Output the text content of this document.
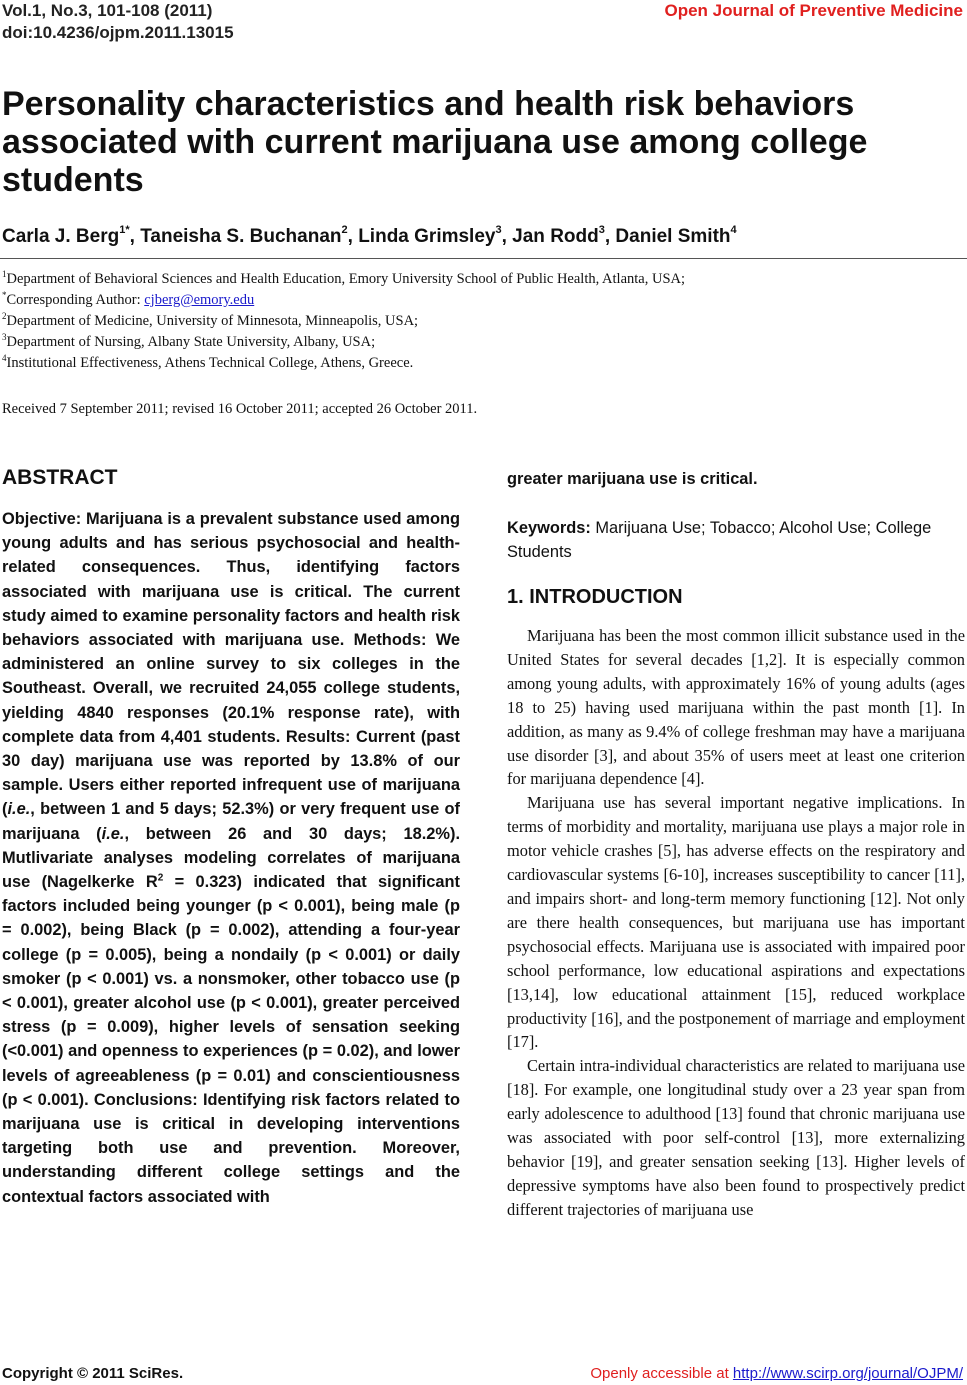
Vol.1, No.3, 101-108 (2011)
doi:10.4236/ojpm.2011.13015
Open Journal of Preventive Medicine
Personality characteristics and health risk behaviors associated with current marijuana use among college students
Carla J. Berg$^{1*}$, Taneisha S. Buchanan$^2$, Linda Grimsley$^3$, Jan Rodd$^3$, Daniel Smith$^4$
$^1$Department of Behavioral Sciences and Health Education, Emory University School of Public Health, Atlanta, USA;
*Corresponding Author: cjberg@emory.edu
$^2$Department of Medicine, University of Minnesota, Minneapolis, USA;
$^3$Department of Nursing, Albany State University, Albany, USA;
$^4$Institutional Effectiveness, Athens Technical College, Athens, Greece.
Received 7 September 2011; revised 16 October 2011; accepted 26 October 2011.
ABSTRACT

Objective: Marijuana is a prevalent substance used among young adults and has serious psychosocial and health-related consequences. Thus, identifying factors associated with marijuana use is critical. The current study aimed to examine personality factors and health risk behaviors associated with marijuana use. Methods: We administered an online survey to six colleges in the Southeast. Overall, we recruited 24,055 college students, yielding 4840 responses (20.1% response rate), with complete data from 4,401 students. Results: Current (past 30 day) marijuana use was reported by 13.8% of our sample. Users either reported infrequent use of marijuana (i.e., between 1 and 5 days; 52.3%) or very frequent use of marijuana (i.e., between 26 and 30 days; 18.2%). Mutlivariate analyses modeling correlates of marijuana use (Nagelkerke $R^2 = 0.323$) indicated that significant factors included being younger (p < 0.001), being male (p = 0.002), being Black (p = 0.002), attending a four-year college (p = 0.005), being a nondaily (p < 0.001) or daily smoker (p < 0.001) vs. a nonsmoker, other tobacco use (p < 0.001), greater alcohol use (p < 0.001), greater perceived stress (p = 0.009), higher levels of sensation seeking (<0.001) and openness to experiences (p = 0.02), and lower levels of agreeableness (p = 0.01) and conscientiousness (p < 0.001). Conclusions: Identifying risk factors related to marijuana use is critical in developing interventions targeting both use and prevention. Moreover, understanding different college settings and the contextual factors associated with

greater marijuana use is critical.

Keywords: Marijuana Use; Tobacco; Alcohol Use; College Students

1. INTRODUCTION

Marijuana has been the most common illicit substance used in the United States for several decades [1,2]. It is especially common among young adults, with approximately 16% of young adults (ages 18 to 25) having used marijuana within the past month [1]. In addition, as many as 9.4% of college freshman may have a marijuana use disorder [3], and about 35% of users meet at least one criterion for marijuana dependence [4].

Marijuana use has several important negative implications. In terms of morbidity and mortality, marijuana use plays a major role in motor vehicle crashes [5], has adverse effects on the respiratory and cardiovascular systems [6-10], increases susceptibility to cancer [11], and impairs short- and long-term memory functioning [12]. Not only are there health consequences, but marijuana use has important psychosocial effects. Marijuana use is associated with impaired poor school performance, low educational aspirations and expectations [13,14], low educational attainment [15], reduced workplace productivity [16], and the postponement of marriage and employment [17].

Certain intra-individual characteristics are related to marijuana use [18]. For example, one longitudinal study over a 23 year span from early adolescence to adulthood [13] found that chronic marijuana use was associated with poor self-control [13], more externalizing behavior [19], and greater sensation seeking [13]. Higher levels of depressive symptoms have also been found to prospectively predict different trajectories of marijuana use

Copyright © 2011 SciRes.	Openly accessible at http://www.scirp.org/journal/OJPM/
